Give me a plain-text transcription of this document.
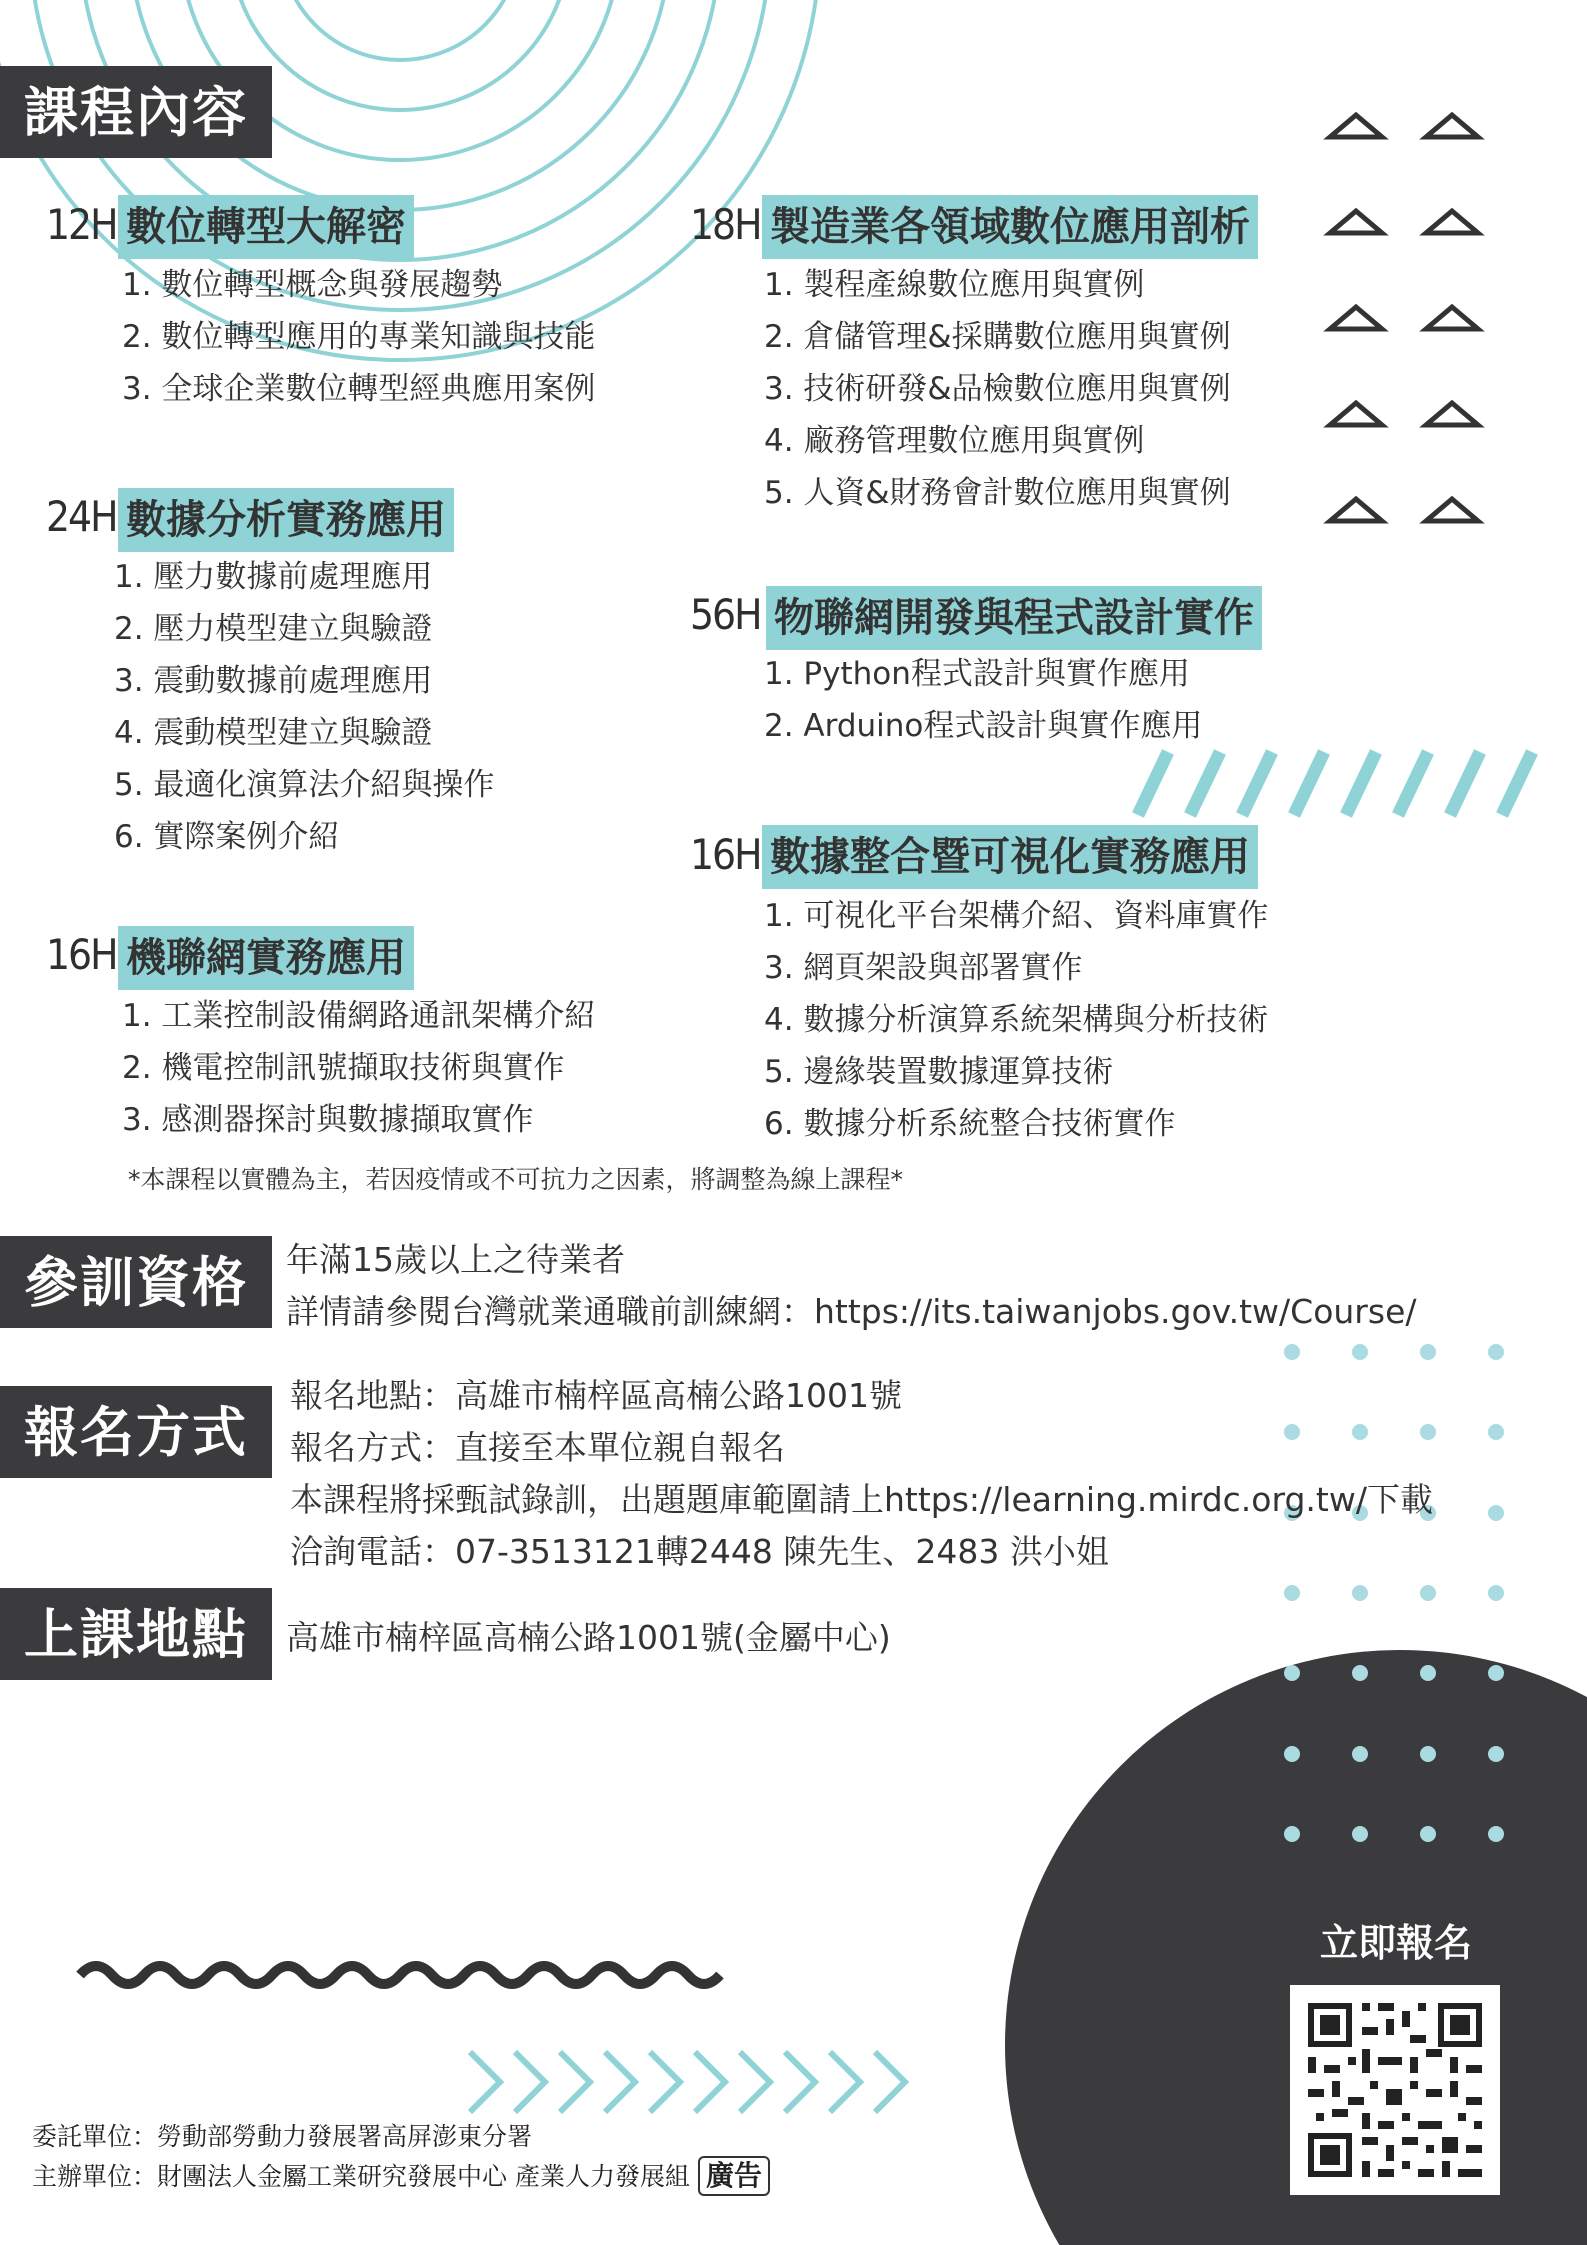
課程內容
12H 數位轉型大解密
1. 數位轉型概念與發展趨勢
2. 數位轉型應用的專業知識與技能
3. 全球企業數位轉型經典應用案例
24H 數據分析實務應用
1. 壓力數據前處理應用
2. 壓力模型建立與驗證
3. 震動數據前處理應用
4. 震動模型建立與驗證
5. 最適化演算法介紹與操作
6. 實際案例介紹
16H 機聯網實務應用
1. 工業控制設備網路通訊架構介紹
2. 機電控制訊號擷取技術與實作
3. 感測器探討與數據擷取實作
18H 製造業各領域數位應用剖析
1. 製程產線數位應用與實例
2. 倉儲管理&採購數位應用與實例
3. 技術研發&品檢數位應用與實例
4. 廠務管理數位應用與實例
5. 人資&財務會計數位應用與實例
56H 物聯網開發與程式設計實作
1. Python程式設計與實作應用
2. Arduino程式設計與實作應用
16H 數據整合暨可視化實務應用
1. 可視化平台架構介紹、資料庫實作
3. 網頁架設與部署實作
4. 數據分析演算系統架構與分析技術
5. 邊緣裝置數據運算技術
6. 數據分析系統整合技術實作
*本課程以實體為主，若因疫情或不可抗力之因素，將調整為線上課程*
參訓資格	年滿15歲以上之待業者
詳情請參閱台灣就業通職前訓練網：https://its.taiwanjobs.gov.tw/Course/
報名方式
報名地點：高雄市楠梓區高楠公路1001號
報名方式：直接至本單位親自報名
本課程將採甄試錄訓，出題題庫範圍請上https://learning.mirdc.org.tw/下載
洽詢電話：07-3513121轉2448 陳先生、2483 洪小姐
上課地點	高雄市楠梓區高楠公路1001號(金屬中心)
立即報名
委託單位：勞動部勞動力發展署高屏澎東分署
主辦單位：財團法人金屬工業研究發展中心 產業人力發展組 廣告
